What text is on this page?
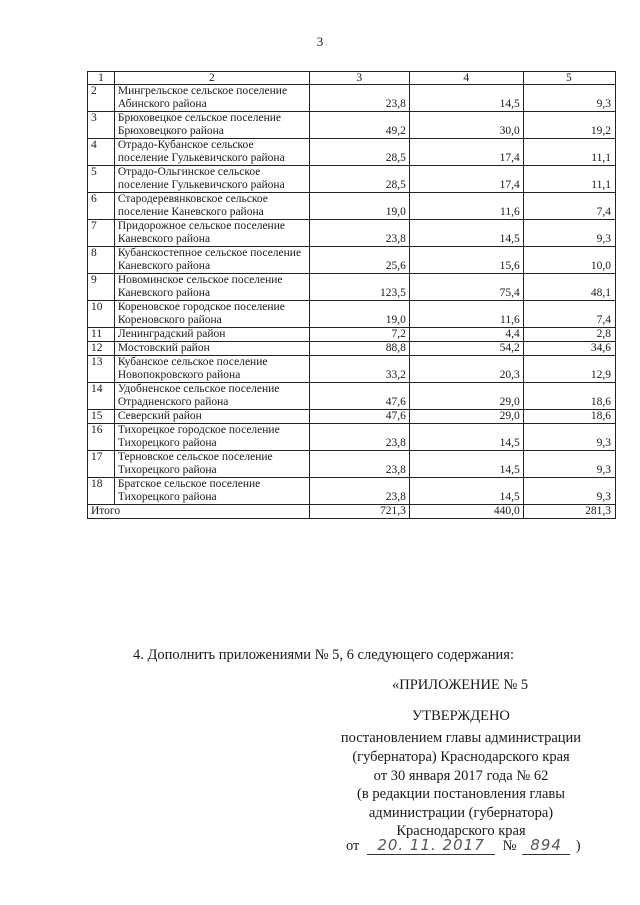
3
1	2	3	4	5
2	Мингрельское сельское поселение Абинского района	23,8	14,5	9,3
3	Брюховецкое сельское поселение Брюховецкого района	49,2	30,0	19,2
4	Отрадо-Кубанское сельское поселение Гулькевичского района	28,5	17,4	11,1
5	Отрадо-Ольгинское сельское поселение Гулькевичского района	28,5	17,4	11,1
6	Стародеревянковское сельское поселение Каневского района	19,0	11,6	7,4
7	Придорожное сельское поселение Каневского района	23,8	14,5	9,3
8	Кубанскостепное сельское поселение Каневского района	25,6	15,6	10,0
9	Новоминское сельское поселение Каневского района	123,5	75,4	48,1
10	Кореновское городское поселение Кореновского района	19,0	11,6	7,4
11	Ленинградский район	7,2	4,4	2,8
12	Мостовский район	88,8	54,2	34,6
13	Кубанское сельское поселение Новопокровского района	33,2	20,3	12,9
14	Удобненское сельское поселение Отрадненского района	47,6	29,0	18,6
15	Северский район	47,6	29,0	18,6
16	Тихорецкое городское поселение Тихорецкого района	23,8	14,5	9,3
17	Терновское сельское поселение Тихорецкого района	23,8	14,5	9,3
18	Братское сельское поселение Тихорецкого района	23,8	14,5	9,3
Итого		721,3	440,0	281,3
4. Дополнить приложениями № 5, 6 следующего содержания:
«ПРИЛОЖЕНИЕ № 5
УТВЕРЖДЕНО
постановлением главы администрации
(губернатора) Краснодарского края
от 30 января 2017 года № 62
(в редакции постановления главы
администрации (губернатора)
Краснодарского края
от 20. 11. 2017 № 894 )
